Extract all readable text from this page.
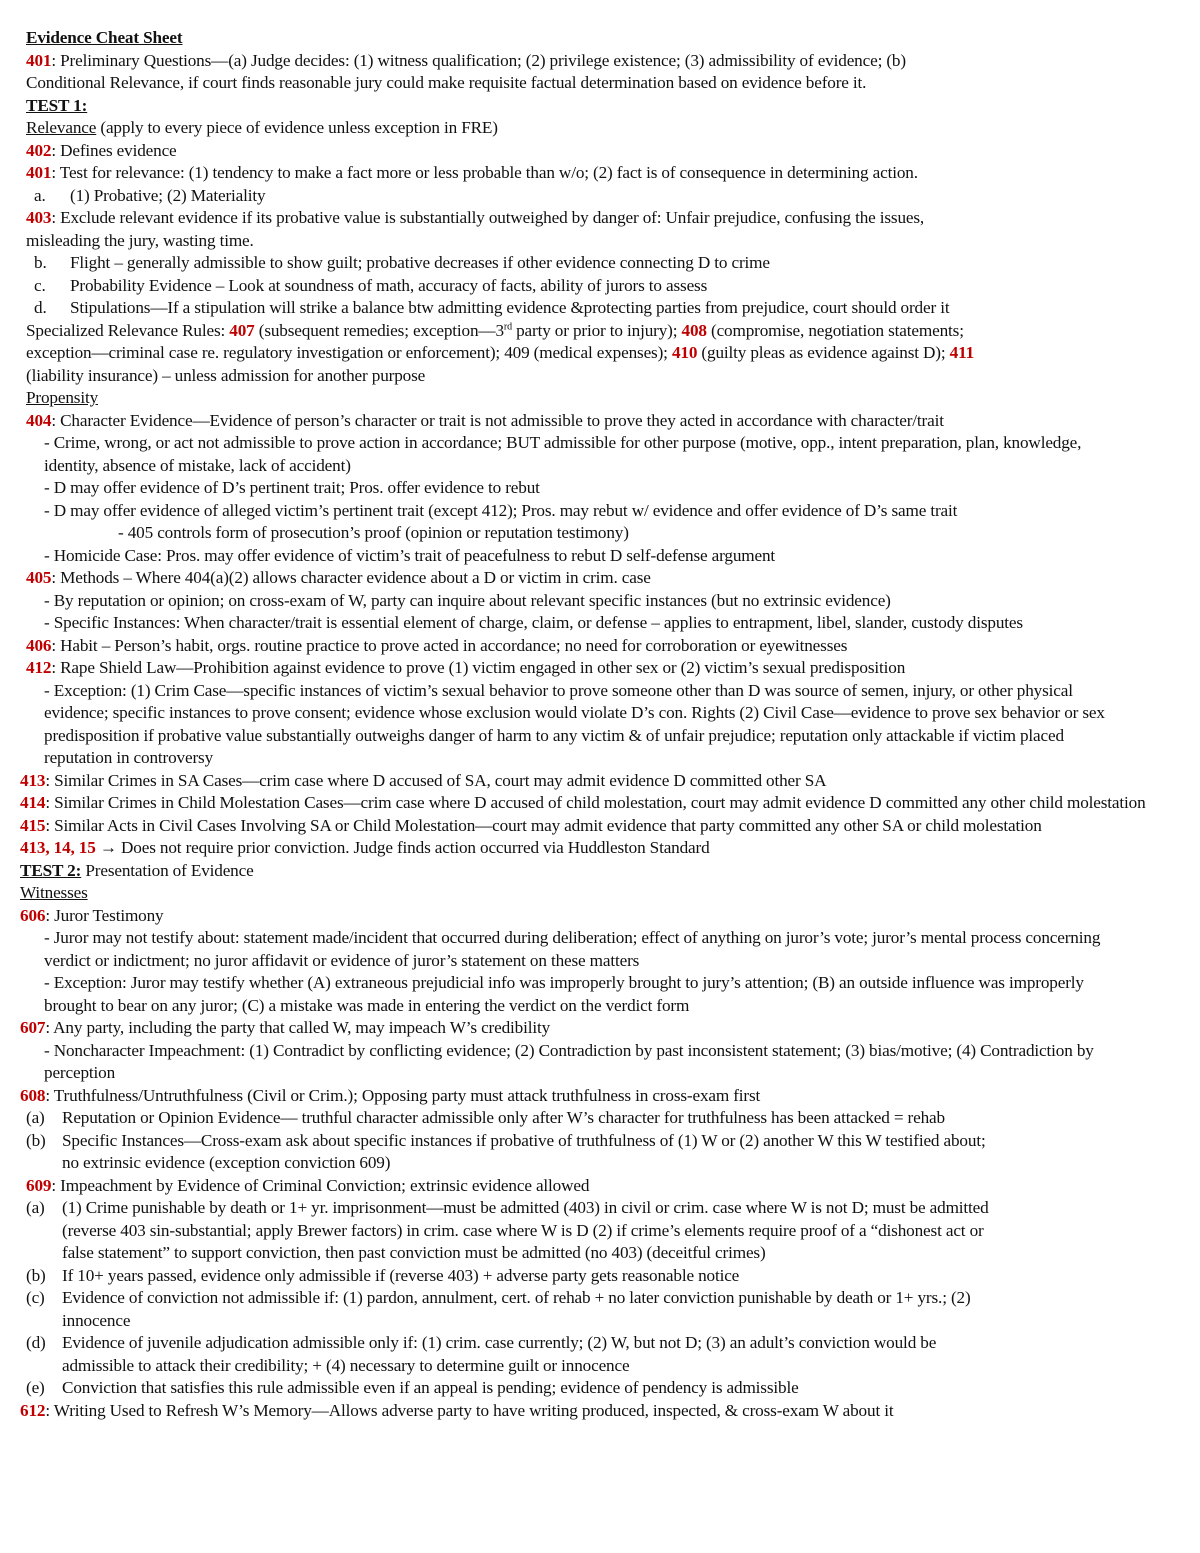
Evidence Cheat Sheet
401: Preliminary Questions—(a) Judge decides: (1) witness qualification; (2) privilege existence; (3) admissibility of evidence; (b)
Conditional Relevance, if court finds reasonable jury could make requisite factual determination based on evidence before it.
TEST 1:
Relevance (apply to every piece of evidence unless exception in FRE)
402: Defines evidence
401: Test for relevance: (1) tendency to make a fact more or less probable than w/o; (2) fact is of consequence in determining action.
a. (1) Probative; (2) Materiality
403: Exclude relevant evidence if its probative value is substantially outweighed by danger of: Unfair prejudice, confusing the issues,
misleading the jury, wasting time.
b. Flight – generally admissible to show guilt; probative decreases if other evidence connecting D to crime
c. Probability Evidence – Look at soundness of math, accuracy of facts, ability of jurors to assess
d. Stipulations—If a stipulation will strike a balance btw admitting evidence &protecting parties from prejudice, court should order it
Specialized Relevance Rules: 407 (subsequent remedies; exception—3rd party or prior to injury); 408 (compromise, negotiation statements;
exception—criminal case re. regulatory investigation or enforcement); 409 (medical expenses); 410 (guilty pleas as evidence against D); 411
(liability insurance) – unless admission for another purpose
Propensity
404: Character Evidence—Evidence of person’s character or trait is not admissible to prove they acted in accordance with character/trait
- Crime, wrong, or act not admissible to prove action in accordance; BUT admissible for other purpose (motive, opp., intent preparation, plan, knowledge, identity, absence of mistake, lack of accident)
- D may offer evidence of D’s pertinent trait; Pros. offer evidence to rebut
- D may offer evidence of alleged victim’s pertinent trait (except 412); Pros. may rebut w/ evidence and offer evidence of D’s same trait
- 405 controls form of prosecution’s proof (opinion or reputation testimony)
- Homicide Case: Pros. may offer evidence of victim’s trait of peacefulness to rebut D self-defense argument
405: Methods – Where 404(a)(2) allows character evidence about a D or victim in crim. case
- By reputation or opinion; on cross-exam of W, party can inquire about relevant specific instances (but no extrinsic evidence)
- Specific Instances: When character/trait is essential element of charge, claim, or defense – applies to entrapment, libel, slander, custody disputes
406: Habit – Person’s habit, orgs. routine practice to prove acted in accordance; no need for corroboration or eyewitnesses
412: Rape Shield Law—Prohibition against evidence to prove (1) victim engaged in other sex or (2) victim’s sexual predisposition
- Exception: (1) Crim Case—specific instances of victim’s sexual behavior to prove someone other than D was source of semen, injury, or other physical evidence; specific instances to prove consent; evidence whose exclusion would violate D’s con. Rights (2) Civil Case—evidence to prove sex behavior or sex predisposition if probative value substantially outweighs danger of harm to any victim & of unfair prejudice; reputation only attackable if victim placed reputation in controversy
413: Similar Crimes in SA Cases—crim case where D accused of SA, court may admit evidence D committed other SA
414: Similar Crimes in Child Molestation Cases—crim case where D accused of child molestation, court may admit evidence D committed any other child molestation
415: Similar Acts in Civil Cases Involving SA or Child Molestation—court may admit evidence that party committed any other SA or child molestation
413, 14, 15 → Does not require prior conviction. Judge finds action occurred via Huddleston Standard
TEST 2: Presentation of Evidence
Witnesses
606: Juror Testimony
- Juror may not testify about: statement made/incident that occurred during deliberation; effect of anything on juror’s vote; juror’s mental process concerning verdict or indictment; no juror affidavit or evidence of juror’s statement on these matters
- Exception: Juror may testify whether (A) extraneous prejudicial info was improperly brought to jury’s attention; (B) an outside influence was improperly brought to bear on any juror; (C) a mistake was made in entering the verdict on the verdict form
607: Any party, including the party that called W, may impeach W’s credibility
- Noncharacter Impeachment: (1) Contradict by conflicting evidence; (2) Contradiction by past inconsistent statement; (3) bias/motive; (4) Contradiction by perception
608: Truthfulness/Untruthfulness (Civil or Crim.); Opposing party must attack truthfulness in cross-exam first
(a) Reputation or Opinion Evidence— truthful character admissible only after W’s character for truthfulness has been attacked = rehab
(b) Specific Instances—Cross-exam ask about specific instances if probative of truthfulness of (1) W or (2) another W this W testified about;
no extrinsic evidence (exception conviction 609)
609: Impeachment by Evidence of Criminal Conviction; extrinsic evidence allowed
(a) (1) Crime punishable by death or 1+ yr. imprisonment—must be admitted (403) in civil or crim. case where W is not D; must be admitted
(reverse 403 sin-substantial; apply Brewer factors) in crim. case where W is D (2) if crime’s elements require proof of a “dishonest act or
false statement” to support conviction, then past conviction must be admitted (no 403) (deceitful crimes)
(b) If 10+ years passed, evidence only admissible if (reverse 403) + adverse party gets reasonable notice
(c) Evidence of conviction not admissible if: (1) pardon, annulment, cert. of rehab + no later conviction punishable by death or 1+ yrs.; (2)
innocence
(d) Evidence of juvenile adjudication admissible only if: (1) crim. case currently; (2) W, but not D; (3) an adult’s conviction would be
admissible to attack their credibility; + (4) necessary to determine guilt or innocence
(e) Conviction that satisfies this rule admissible even if an appeal is pending; evidence of pendency is admissible
612: Writing Used to Refresh W’s Memory—Allows adverse party to have writing produced, inspected, & cross-exam W about it
